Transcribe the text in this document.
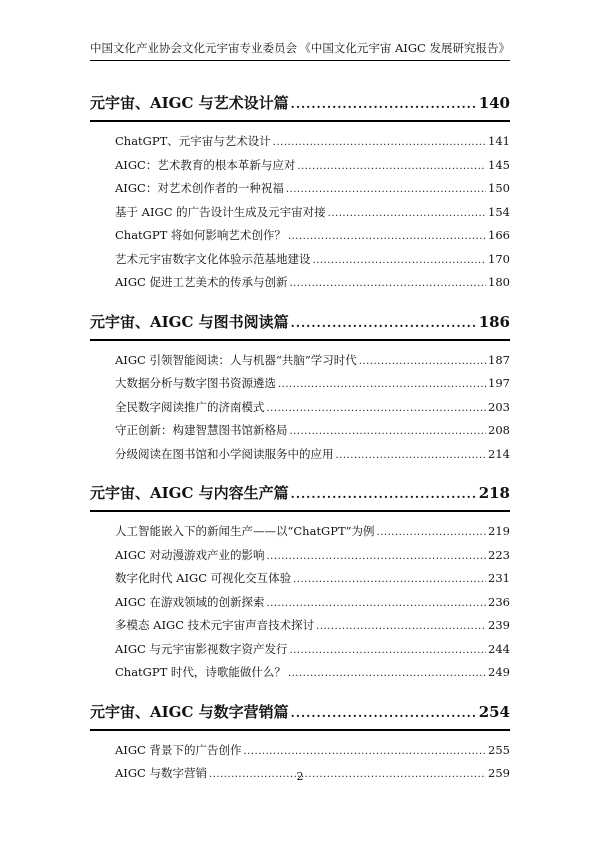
中国文化产业协会文化元宇宙专业委员会 《中国文化元宇宙 AIGC 发展研究报告》
元宇宙、AIGC 与艺术设计篇 .....	140
ChatGPT、元宇宙与艺术设计 .....	141
AIGC：艺术教育的根本革新与应对 .....	145
AIGC：对艺术创作者的一种祝福 .....	150
基于 AIGC 的广告设计生成及元宇宙对接 .....	154
ChatGPT 将如何影响艺术创作？ .....	166
艺术元宇宙数字文化体验示范基地建设 .....	170
AIGC 促进工艺美术的传承与创新 .....	180
元宇宙、AIGC 与图书阅读篇 .....	186
AIGC 引领智能阅读：人与机器“共脑”学习时代 .....	187
大数据分析与数字图书资源遴选 .....	197
全民数字阅读推广的济南模式 .....	203
守正创新：构建智慧图书馆新格局 .....	208
分级阅读在图书馆和小学阅读服务中的应用 .....	214
元宇宙、AIGC 与内容生产篇 .....	218
人工智能嵌入下的新闻生产——以“ChatGPT”为例 .....	219
AIGC 对动漫游戏产业的影响 .....	223
数字化时代 AIGC 可视化交互体验 .....	231
AIGC 在游戏领域的创新探索 .....	236
多模态 AIGC 技术元宇宙声音技术探讨 .....	239
AIGC 与元宇宙影视数字资产发行 .....	244
ChatGPT 时代，诗歌能做什么？ .....	249
元宇宙、AIGC 与数字营销篇 .....	254
AIGC 背景下的广告创作 .....	255
AIGC 与数字营销 .....	259
2
